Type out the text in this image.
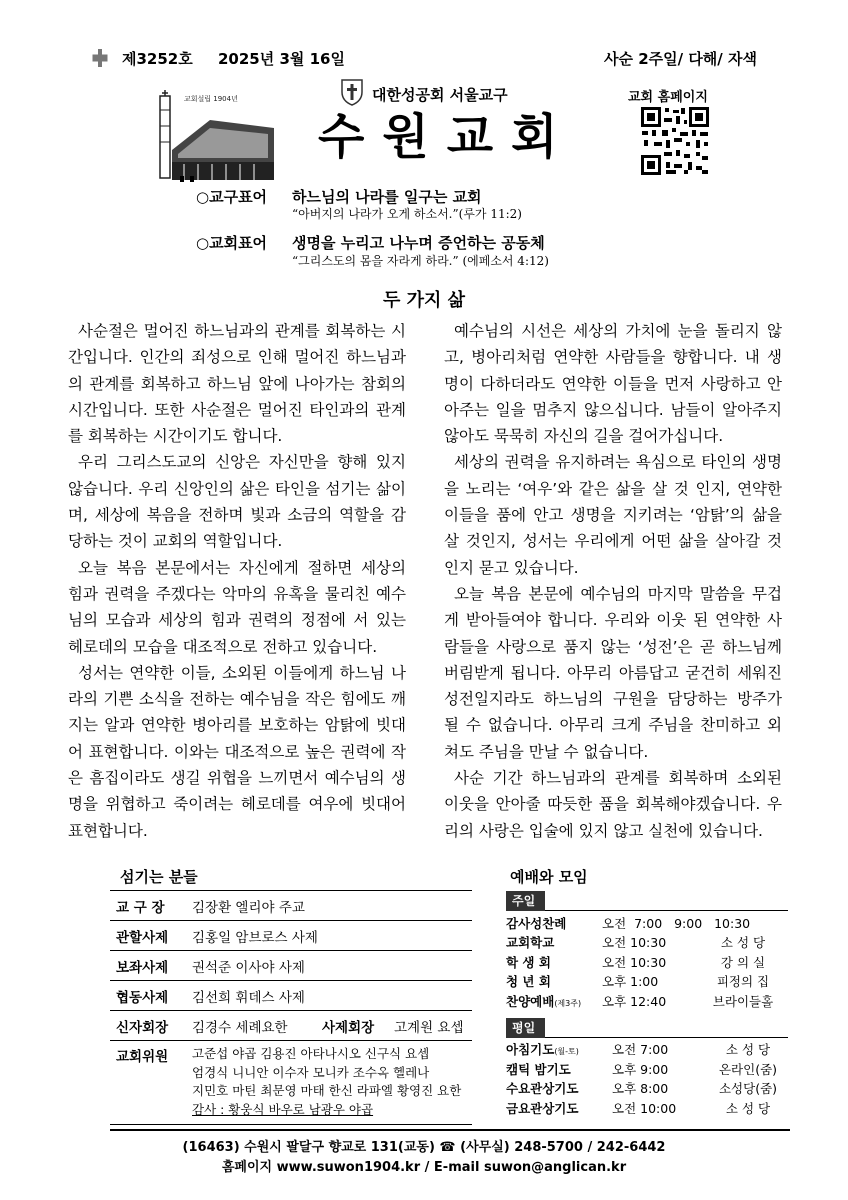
제3252호 2025년 3월 16일	사순 2주일/ 다해/ 자색
교회설립 1904년	대한성공회 서울교구
수원교회
교회 홈페이지
○교구표어 하느님의 나라를 일구는 교회
“아버지의 나라가 오게 하소서.”(루가 11:2)
○교회표어 생명을 누리고 나누며 증언하는 공동체
“그리스도의 몸을 자라게 하라.” (에페소서 4:12)
두 가지 삶

사순절은 멀어진 하느님과의 관계를 회복하는 시간입니다. 인간의 죄성으로 인해 멀어진 하느님과의 관계를 회복하고 하느님 앞에 나아가는 참회의 시간입니다. 또한 사순절은 멀어진 타인과의 관계를 회복하는 시간이기도 합니다.

우리 그리스도교의 신앙은 자신만을 향해 있지 않습니다. 우리 신앙인의 삶은 타인을 섬기는 삶이며, 세상에 복음을 전하며 빛과 소금의 역할을 감당하는 것이 교회의 역할입니다.

오늘 복음 본문에서는 자신에게 절하면 세상의 힘과 권력을 주겠다는 악마의 유혹을 물리친 예수님의 모습과 세상의 힘과 권력의 정점에 서 있는 헤로데의 모습을 대조적으로 전하고 있습니다.

성서는 연약한 이들, 소외된 이들에게 하느님 나라의 기쁜 소식을 전하는 예수님을 작은 힘에도 깨지는 알과 연약한 병아리를 보호하는 암탉에 빗대어 표현합니다. 이와는 대조적으로 높은 권력에 작은 흠집이라도 생길 위협을 느끼면서 예수님의 생명을 위협하고 죽이려는 헤로데를 여우에 빗대어 표현합니다.

예수님의 시선은 세상의 가치에 눈을 돌리지 않고, 병아리처럼 연약한 사람들을 향합니다. 내 생명이 다하더라도 연약한 이들을 먼저 사랑하고 안아주는 일을 멈추지 않으십니다. 남들이 알아주지 않아도 묵묵히 자신의 길을 걸어가십니다.

세상의 권력을 유지하려는 욕심으로 타인의 생명을 노리는 ‘여우’와 같은 삶을 살 것 인지, 연약한 이들을 품에 안고 생명을 지키려는 ‘암탉’의 삶을 살 것인지, 성서는 우리에게 어떤 삶을 살아갈 것인지 묻고 있습니다.

오늘 복음 본문에 예수님의 마지막 말씀을 무겁게 받아들여야 합니다. 우리와 이웃 된 연약한 사람들을 사랑으로 품지 않는 ‘성전’은 곧 하느님께 버림받게 됩니다. 아무리 아름답고 굳건히 세워진 성전일지라도 하느님의 구원을 담당하는 방주가 될 수 없습니다. 아무리 크게 주님을 찬미하고 외쳐도 주님을 만날 수 없습니다.

사순 기간 하느님과의 관계를 회복하며 소외된 이웃을 안아줄 따듯한 품을 회복해야겠습니다. 우리의 사랑은 입술에 있지 않고 실천에 있습니다.

섬기는 분들
교 구 장	김장환 엘리야 주교
관할사제	김홍일 암브로스 사제
보좌사제	권석준 이사야 사제
협동사제	김선희 휘데스 사제
신자회장	김경수 세례요한	사제회장	고계원 요셉
교회위원	고준섭 야곱 김용진 아타나시오 신구식 요셉
엄경식 니니안 이수자 모니카 조수옥 헬레나
지민호 마틴 최문영 마태 한신 라파엘 황영진 요한
감사 : 황웅식 바우로 남광우 야곱
예배와 모임
주일
감사성찬례	오전  7:00   9:00   10:30
교회학교	오전 10:30	소 성 당
학 생 회	오전 10:30	강 의 실
청 년 회	오후 1:00	피정의 집
찬양예배(제3주)	오후 12:40	브라이들홀
평일
아침기도(월-토)	오전 7:00	소 성 당
캠틱 밤기도	오후 9:00	온라인(줌)
수요관상기도	오후 8:00	소성당(줌)
금요관상기도	오전 10:00	소 성 당
(16463) 수원시 팔달구 향교로 131(교동) ☎ (사무실) 248-5700 / 242-6442
홈페이지 www.suwon1904.kr / E-mail suwon@anglican.kr
